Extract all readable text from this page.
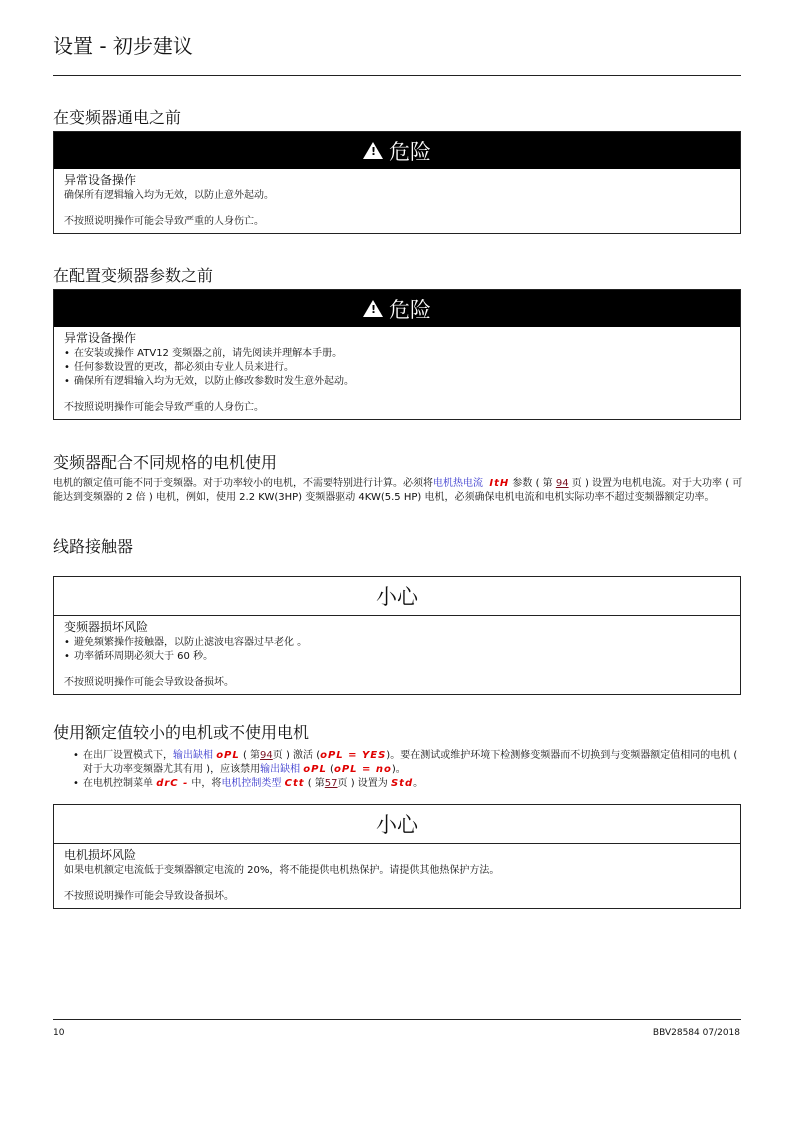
设置 - 初步建议
在变频器通电之前
! 危险
异常设备操作
确保所有逻辑输入均为无效，以防止意外起动。
不按照说明操作可能会导致严重的人身伤亡。
在配置变频器参数之前
! 危险
异常设备操作
• 在安装或操作 ATV12 变频器之前，请先阅读并理解本手册。
• 任何参数设置的更改，都必须由专业人员来进行。
• 确保所有逻辑输入均为无效，以防止修改参数时发生意外起动。
不按照说明操作可能会导致严重的人身伤亡。
变频器配合不同规格的电机使用
电机的额定值可能不同于变频器。对于功率较小的电机，不需要特别进行计算。必须将电机热电流 ItH 参数 ( 第 94 页 ) 设置为电机电流。对于大功率 ( 可能达到变频器的 2 倍 ) 电机，例如，使用 2.2 KW(3HP) 变频器驱动 4KW(5.5 HP) 电机，必须确保电机电流和电机实际功率不超过变频器额定功率。
线路接触器
小心
变频器损坏风险
• 避免频繁操作接触器，以防止滤波电容器过早老化 。
• 功率循环周期必须大于 60 秒。
不按照说明操作可能会导致设备损坏。
使用额定值较小的电机或不使用电机
• 在出厂设置模式下，输出缺相 oPL ( 第94页 ) 激活 (oPL = YES)。要在测试或维护环境下检测修变频器而不切换到与变频器额定值相同的电机 ( 对于大功率变频器尤其有用 )，应该禁用输出缺相 oPL (oPL = no)。
• 在电机控制菜单 drC - 中，将电机控制类型 Ctt ( 第57页 ) 设置为 Std。
小心
电机损坏风险
如果电机额定电流低于变频器额定电流的 20%，将不能提供电机热保护。请提供其他热保护方法。
不按照说明操作可能会导致设备损坏。
10	BBV28584 07/2018
